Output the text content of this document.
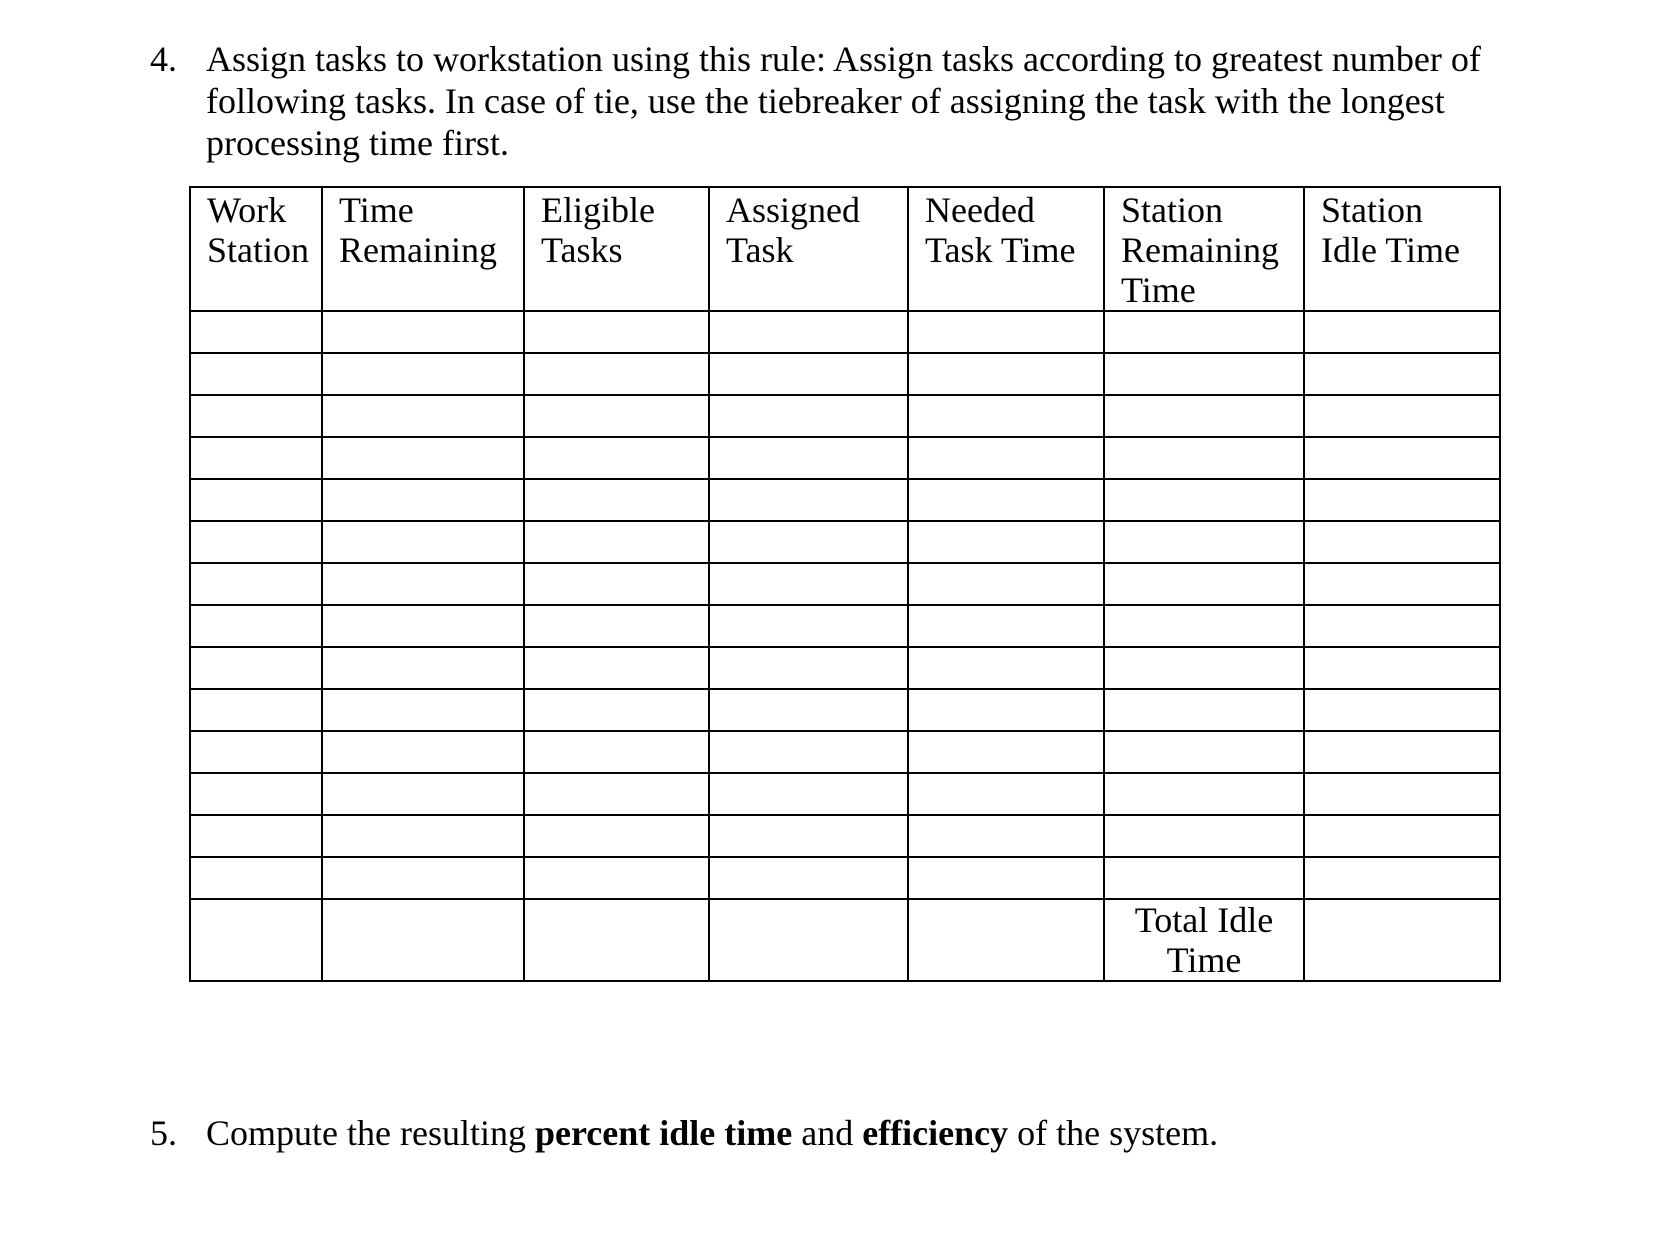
4. Assign tasks to workstation using this rule: Assign tasks according to greatest number of following tasks. In case of tie, use the tiebreaker of assigning the task with the longest processing time first.
Work Station	Time Remaining	Eligible Tasks	Assigned Task	Needed Task Time	Station Remaining Time	Station Idle Time

					Total Idle Time	
5. Compute the resulting percent idle time and efficiency of the system.
